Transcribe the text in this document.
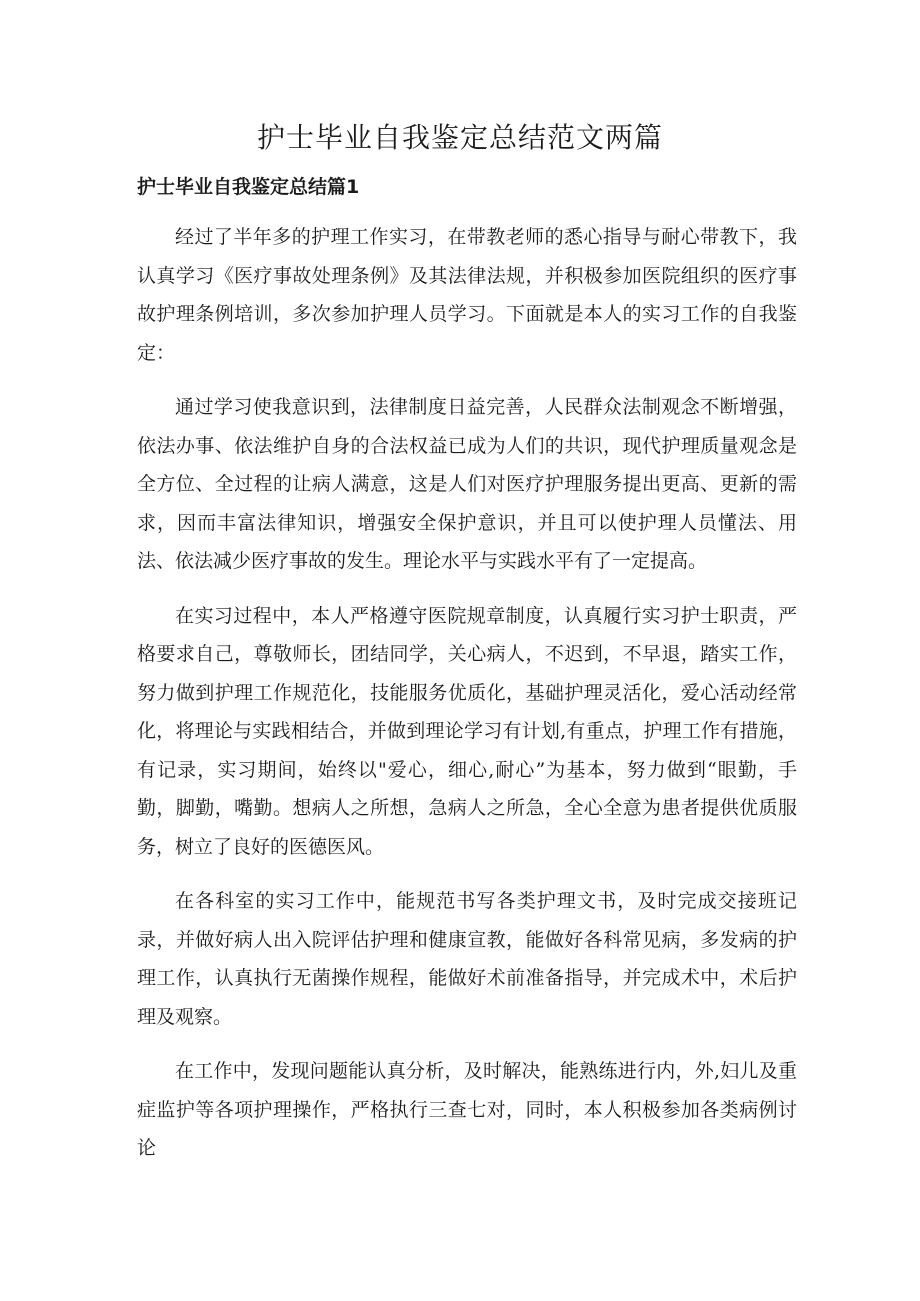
护士毕业自我鉴定总结范文两篇
护士毕业自我鉴定总结篇1

经过了半年多的护理工作实习，在带教老师的悉心指导与耐心带教下，我认真学习《医疗事故处理条例》及其法律法规，并积极参加医院组织的医疗事故护理条例培训，多次参加护理人员学习。下面就是本人的实习工作的自我鉴定：

通过学习使我意识到，法律制度日益完善，人民群众法制观念不断增强，依法办事、依法维护自身的合法权益已成为人们的共识，现代护理质量观念是全方位、全过程的让病人满意，这是人们对医疗护理服务提出更高、更新的需求，因而丰富法律知识，增强安全保护意识，并且可以使护理人员懂法、用法、依法减少医疗事故的发生。理论水平与实践水平有了一定提高。

在实习过程中，本人严格遵守医院规章制度，认真履行实习护士职责，严格要求自己，尊敬师长，团结同学，关心病人，不迟到，不早退，踏实工作，努力做到护理工作规范化，技能服务优质化，基础护理灵活化，爱心活动经常化，将理论与实践相结合，并做到理论学习有计划,有重点，护理工作有措施，有记录，实习期间，始终以"爱心，细心,耐心”为基本，努力做到“眼勤，手勤，脚勤，嘴勤。想病人之所想，急病人之所急，全心全意为患者提供优质服务，树立了良好的医德医风。

在各科室的实习工作中，能规范书写各类护理文书，及时完成交接班记录，并做好病人出入院评估护理和健康宣教，能做好各科常见病，多发病的护理工作，认真执行无菌操作规程，能做好术前准备指导，并完成术中，术后护理及观察。

在工作中，发现问题能认真分析，及时解决，能熟练进行内，外,妇儿及重症监护等各项护理操作，严格执行三查七对，同时，本人积极参加各类病例讨论
